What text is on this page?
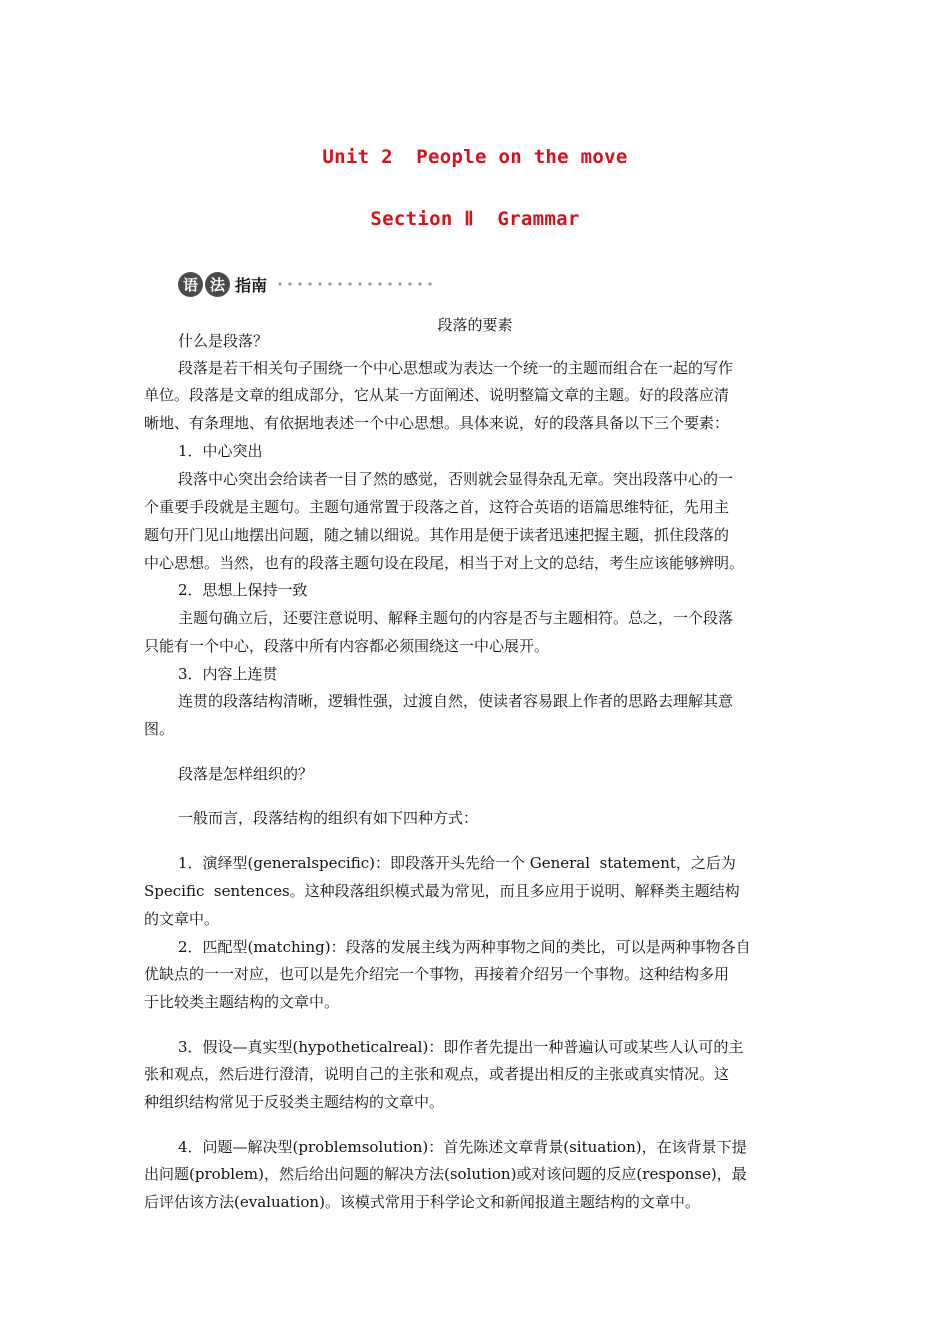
Unit 2  People on the move
Section Ⅱ  Grammar
语 法 指南
段落的要素
什么是段落？
段落是若干相关句子围绕一个中心思想或为表达一个统一的主题而组合在一起的写作
单位。段落是文章的组成部分，它从某一方面阐述、说明整篇文章的主题。好的段落应清
晰地、有条理地、有依据地表述一个中心思想。具体来说，好的段落具备以下三个要素：
1．中心突出
段落中心突出会给读者一目了然的感觉，否则就会显得杂乱无章。突出段落中心的一
个重要手段就是主题句。主题句通常置于段落之首，这符合英语的语篇思维特征，先用主
题句开门见山地摆出问题，随之辅以细说。其作用是便于读者迅速把握主题，抓住段落的
中心思想。当然，也有的段落主题句设在段尾，相当于对上文的总结，考生应该能够辨明。
2．思想上保持一致
主题句确立后，还要注意说明、解释主题句的内容是否与主题相符。总之，一个段落
只能有一个中心，段落中所有内容都必须围绕这一中心展开。
3．内容上连贯
连贯的段落结构清晰，逻辑性强，过渡自然，使读者容易跟上作者的思路去理解其意
图。
段落是怎样组织的？
一般而言，段落结构的组织有如下四种方式：
1．演绎型(generalspecific)：即段落开头先给一个 General  statement，之后为
Specific  sentences。这种段落组织模式最为常见，而且多应用于说明、解释类主题结构
的文章中。
2．匹配型(matching)：段落的发展主线为两种事物之间的类比，可以是两种事物各自
优缺点的一一对应，也可以是先介绍完一个事物，再接着介绍另一个事物。这种结构多用
于比较类主题结构的文章中。
3．假设—真实型(hypotheticalreal)：即作者先提出一种普遍认可或某些人认可的主
张和观点，然后进行澄清，说明自己的主张和观点，或者提出相反的主张或真实情况。这
种组织结构常见于反驳类主题结构的文章中。
4．问题—解决型(problemsolution)：首先陈述文章背景(situation)，在该背景下提
出问题(problem)，然后给出问题的解决方法(solution)或对该问题的反应(response)，最
后评估该方法(evaluation)。该模式常用于科学论文和新闻报道主题结构的文章中。
